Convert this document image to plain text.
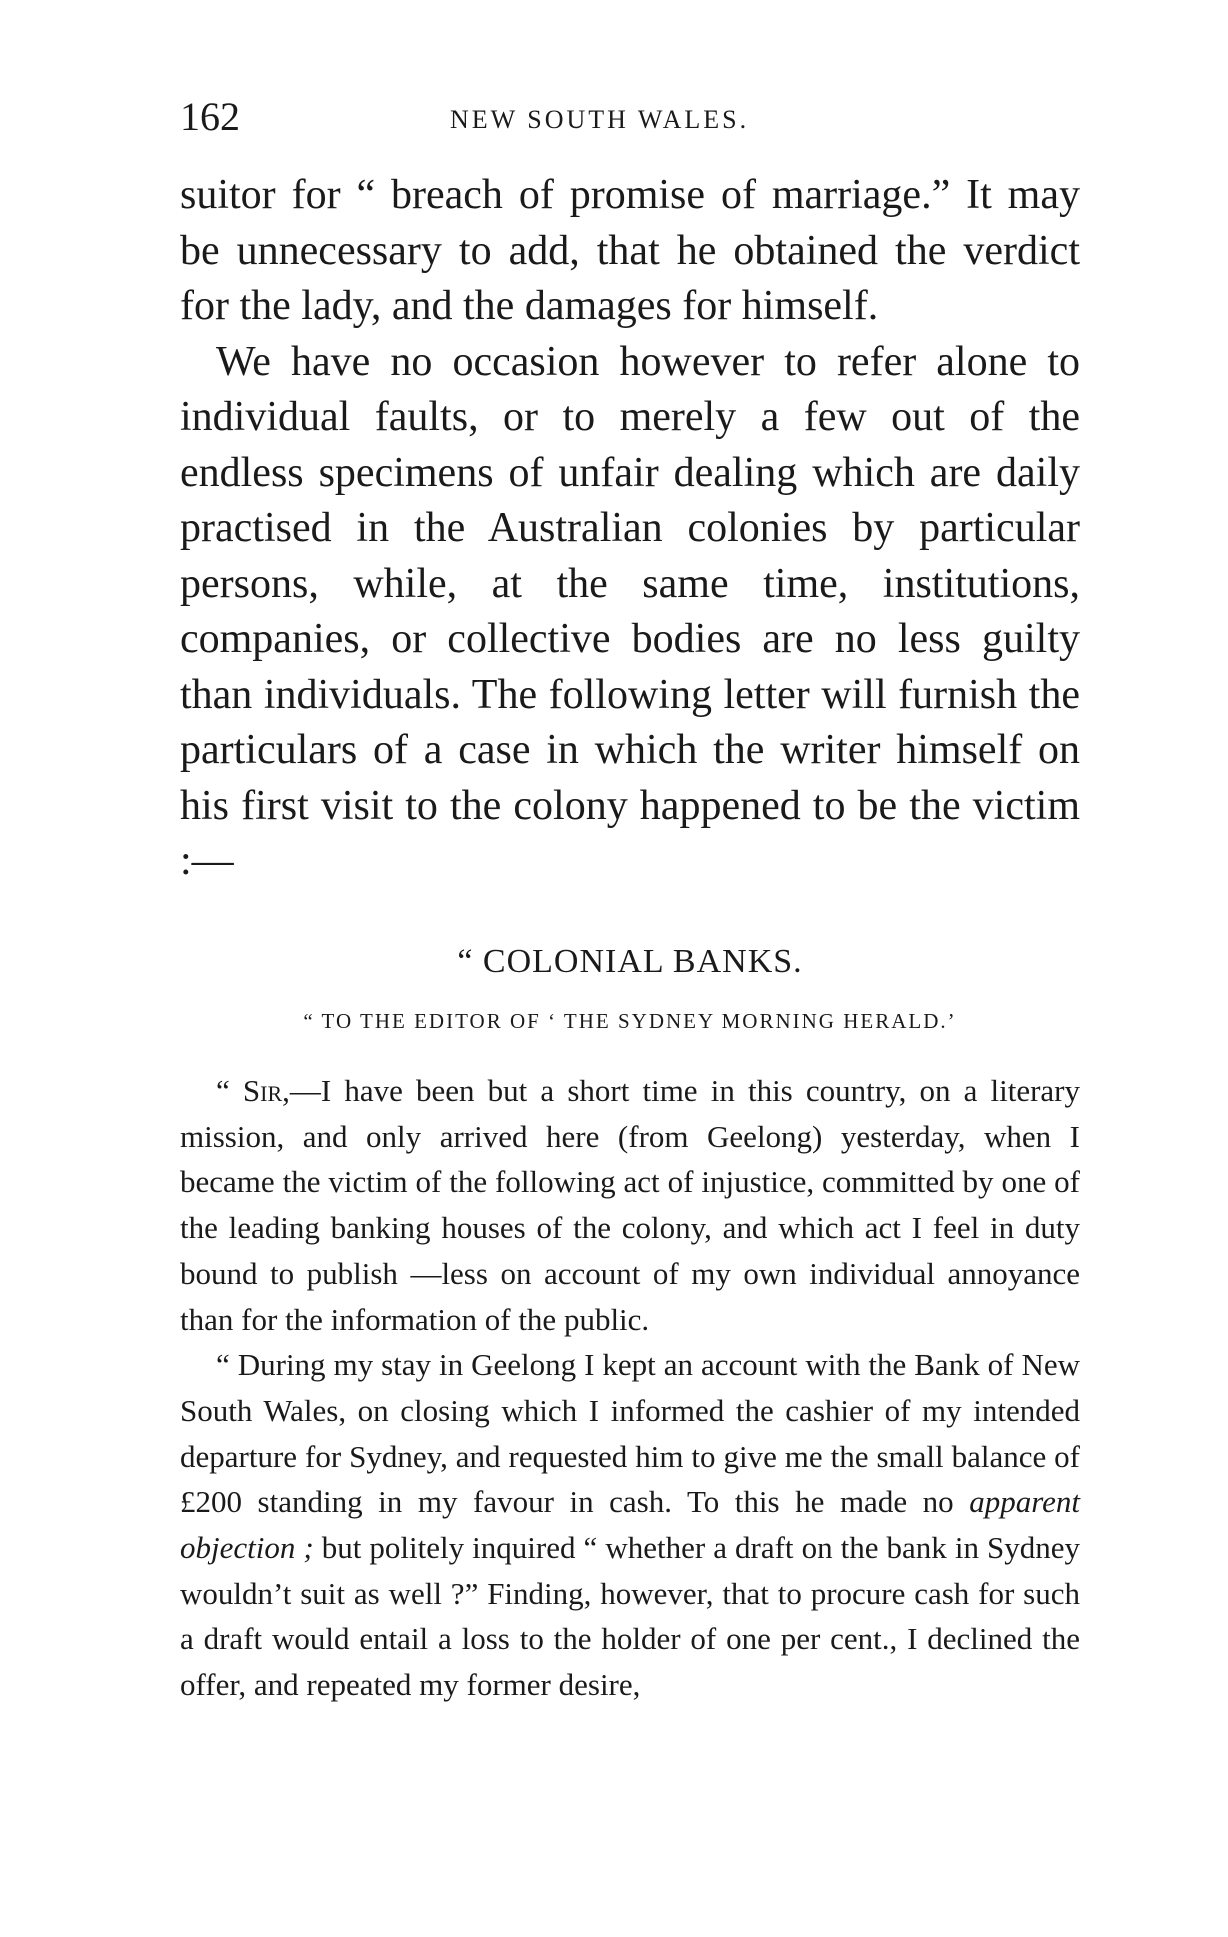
162	NEW SOUTH WALES.

suitor for “ breach of promise of marriage.” It may be unnecessary to add, that he obtained the verdict for the lady, and the damages for himself.

We have no occasion however to refer alone to individual faults, or to merely a few out of the endless specimens of unfair dealing which are daily practised in the Australian colonies by particular persons, while, at the same time, institutions, companies, or collective bodies are no less guilty than individuals. The following letter will furnish the particulars of a case in which the writer himself on his first visit to the colony happened to be the victim :—

“ COLONIAL BANKS.
“ TO THE EDITOR OF ‘ THE SYDNEY MORNING HERALD.’

“ Sir,—I have been but a short time in this country, on a literary mission, and only arrived here (from Geelong) yesterday, when I became the victim of the following act of injustice, committed by one of the leading banking houses of the colony, and which act I feel in duty bound to publish —less on account of my own individual annoyance than for the information of the public.

“ During my stay in Geelong I kept an account with the Bank of New South Wales, on closing which I informed the cashier of my intended departure for Sydney, and requested him to give me the small balance of £200 standing in my favour in cash. To this he made no apparent objection ; but politely inquired “ whether a draft on the bank in Sydney wouldn’t suit as well ?” Finding, however, that to procure cash for such a draft would entail a loss to the holder of one per cent., I declined the offer, and repeated my former desire,
